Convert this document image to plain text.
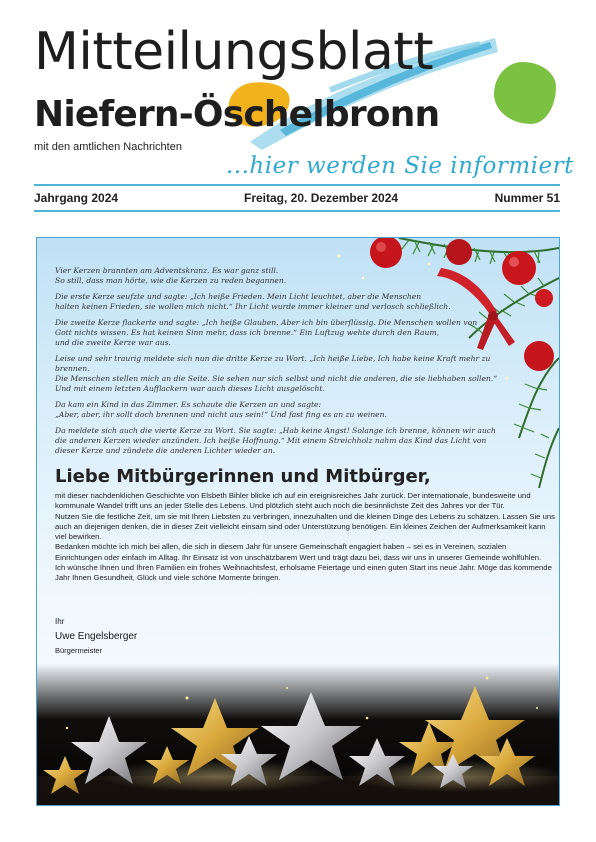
Mitteilungsblatt
Niefern-Öschelbronn
mit den amtlichen Nachrichten
...hier werden Sie informiert
Jahrgang 2024	Freitag, 20. Dezember 2024	Nummer 51

Vier Kerzen brannten am Adventskranz. Es war ganz still.
So still, dass man hörte, wie die Kerzen zu reden begannen.

Die erste Kerze seufzte und sagte: „Ich heiße Frieden. Mein Licht leuchtet, aber die Menschen
halten keinen Frieden, sie wollen mich nicht.“ Ihr Licht wurde immer kleiner und verlosch schließlich.

Die zweite Kerze flackerte und sagte: „Ich heiße Glauben. Aber ich bin überflüssig. Die Menschen wollen von
Gott nichts wissen. Es hat keinen Sinn mehr, dass ich brenne.“ Ein Luftzug wehte durch den Raum,
und die zweite Kerze war aus.

Leise und sehr traurig meldete sich nun die dritte Kerze zu Wort. „Ich heiße Liebe, Ich habe keine Kraft mehr zu brennen.
Die Menschen stellen mich an die Seite. Sie sehen nur sich selbst und nicht die anderen, die sie liebhaben sollen.“
Und mit einem letzten Aufflackern war auch dieses Licht ausgelöscht.

Da kam ein Kind in das Zimmer. Es schaute die Kerzen an und sagte:
„Aber, aber, ihr sollt doch brennen und nicht aus sein!“ Und fast fing es an zu weinen.

Da meldete sich auch die vierte Kerze zu Wort. Sie sagte: „Hab keine Angst! Solange ich brenne, können wir auch
die anderen Kerzen wieder anzünden. Ich heiße Hoffnung.“ Mit einem Streichholz nahm das Kind das Licht von
dieser Kerze und zündete die anderen Lichter wieder an.

Liebe Mitbürgerinnen und Mitbürger,

mit dieser nachdenklichen Geschichte von Elsbeth Bihler blicke ich auf ein ereignisreiches Jahr zurück. Der internationale, bundesweite und kommunale Wandel trifft uns an jeder Stelle des Lebens. Und plötzlich steht auch noch die besinnlichste Zeit des Jahres vor der Tür.

Nutzen Sie die festliche Zeit, um sie mit Ihren Liebsten zu verbringen, innezuhalten und die kleinen Dinge des Lebens zu schätzen. Lassen Sie uns auch an diejenigen denken, die in dieser Zeit vielleicht einsam sind oder Unterstützung benötigen. Ein kleines Zeichen der Aufmerksamkeit kann viel bewirken.

Bedanken möchte ich mich bei allen, die sich in diesem Jahr für unsere Gemeinschaft engagiert haben – sei es in Vereinen, sozialen Einrichtungen oder einfach im Alltag. Ihr Einsatz ist von unschätzbarem Wert und trägt dazu bei, dass wir uns in unserer Gemeinde wohlfühlen.

Ich wünsche Ihnen und Ihren Familien ein frohes Weihnachtsfest, erholsame Feiertage und einen guten Start ins neue Jahr. Möge das kommende Jahr Ihnen Gesundheit, Glück und viele schöne Momente bringen.

Ihr
Uwe Engelsberger
Bürgermeister
